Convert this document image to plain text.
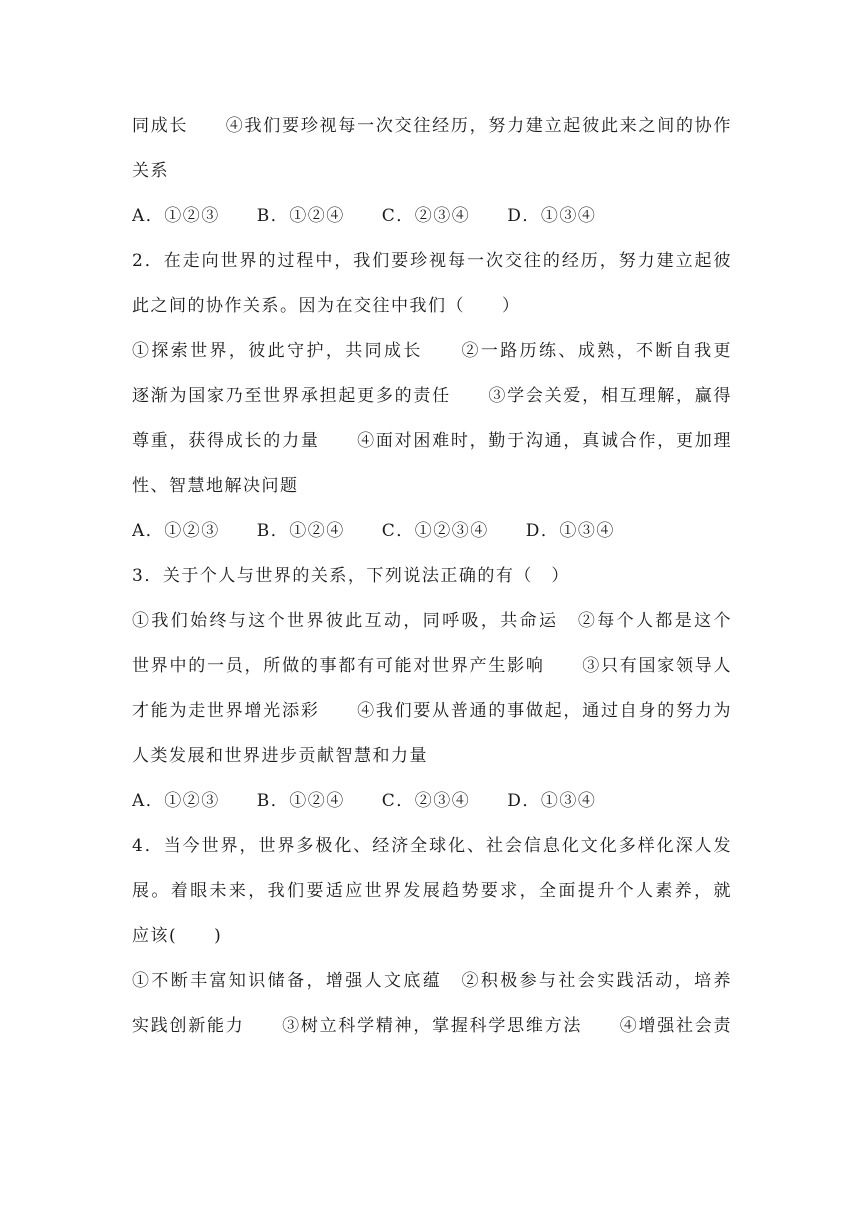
同成长　　④我们要珍视每一次交往经历，努力建立起彼此来之间的协作
关系
A．①②③　　B．①②④　　C．②③④　　D．①③④
2．在走向世界的过程中，我们要珍视每一次交往的经历，努力建立起彼
此之间的协作关系。因为在交往中我们（　　）
①探索世界，彼此守护，共同成长　　②一路历练、成熟，不断自我更
逐渐为国家乃至世界承担起更多的责任　　③学会关爱，相互理解，赢得
尊重，获得成长的力量　　④面对困难时，勤于沟通，真诚合作，更加理
性、智慧地解决问题
A．①②③　　B．①②④　　C．①②③④　　D．①③④
3．关于个人与世界的关系，下列说法正确的有（　）
①我们始终与这个世界彼此互动，同呼吸，共命运　②每个人都是这个
世界中的一员，所做的事都有可能对世界产生影响　　③只有国家领导人
才能为走世界增光添彩　　④我们要从普通的事做起，通过自身的努力为
人类发展和世界进步贡献智慧和力量
A．①②③　　B．①②④　　C．②③④　　D．①③④
4．当今世界，世界多极化、经济全球化、社会信息化文化多样化深人发
展。着眼未来，我们要适应世界发展趋势要求，全面提升个人素养，就
应该(　　)
①不断丰富知识储备，增强人文底蕴　②积极参与社会实践活动，培养
实践创新能力　　③树立科学精神，掌握科学思维方法　　④增强社会责
